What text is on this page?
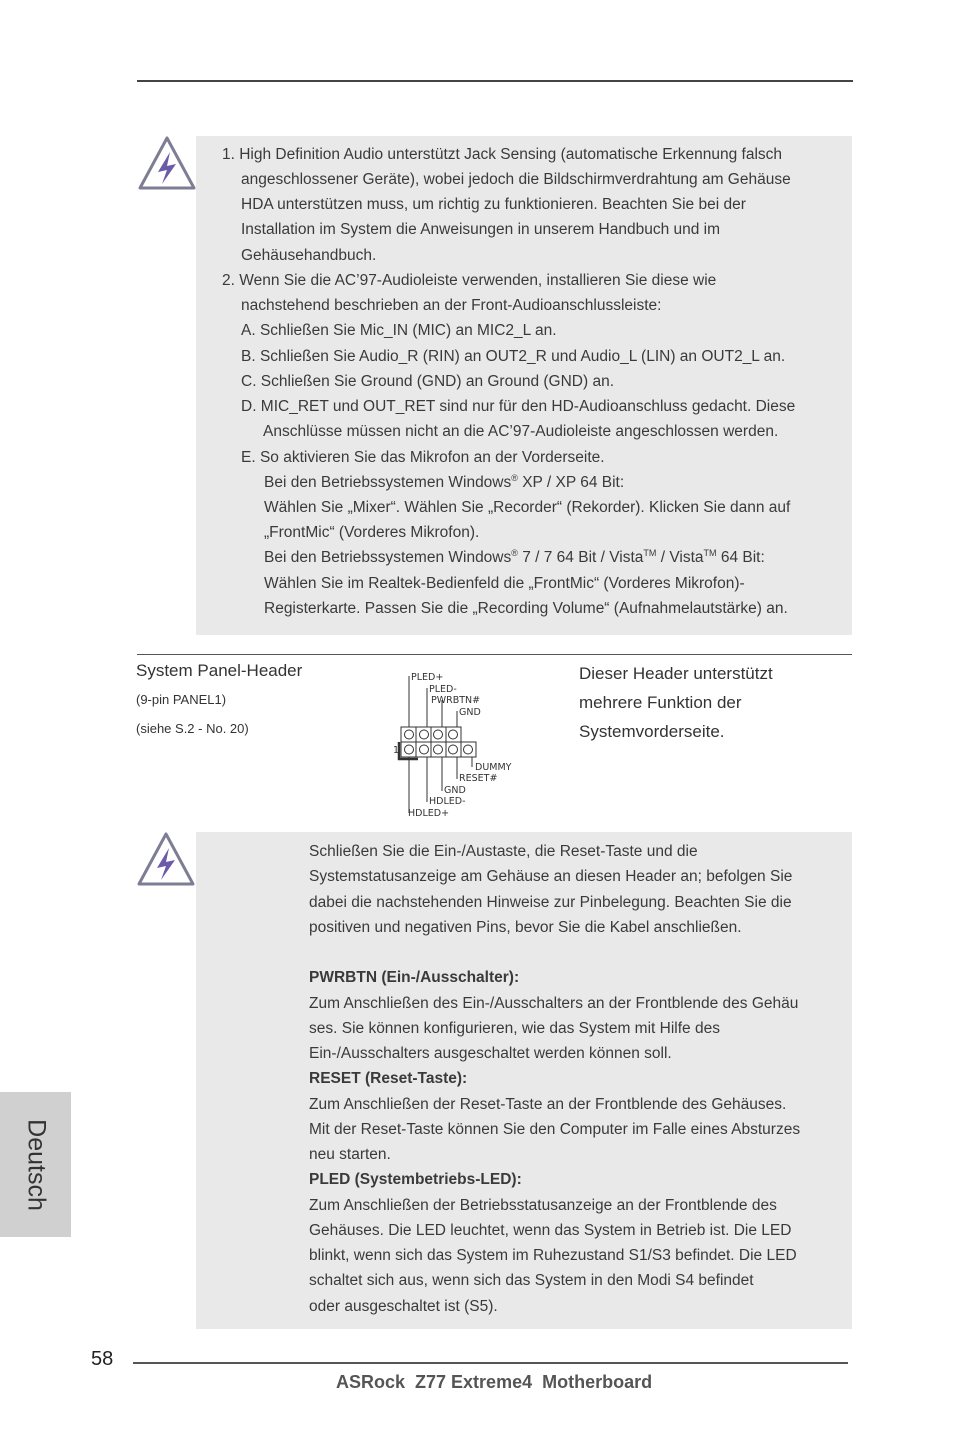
1. High Definition Audio unterstützt Jack Sensing (automatische Erkennung falsch
angeschlossener Geräte), wobei jedoch die Bildschirmverdrahtung am Gehäuse
HDA unterstützen muss, um richtig zu funktionieren. Beachten Sie bei der
Installation im System die Anweisungen in unserem Handbuch und im
Gehäusehandbuch.
2. Wenn Sie die AC’97-Audioleiste verwenden, installieren Sie diese wie
nachstehend beschrieben an der Front-Audioanschlussleiste:
A. Schließen Sie Mic_IN (MIC) an MIC2_L an.
B. Schließen Sie Audio_R (RIN) an OUT2_R und Audio_L (LIN) an OUT2_L an.
C. Schließen Sie Ground (GND) an Ground (GND) an.
D. MIC_RET und OUT_RET sind nur für den HD-Audioanschluss gedacht. Diese
Anschlüsse müssen nicht an die AC’97-Audioleiste angeschlossen werden.
E. So aktivieren Sie das Mikrofon an der Vorderseite.
Bei den Betriebssystemen Windows® XP / XP 64 Bit:
Wählen Sie „Mixer“. Wählen Sie „Recorder“ (Rekorder). Klicken Sie dann auf
„FrontMic“ (Vorderes Mikrofon).
Bei den Betriebssystemen Windows® 7 / 7 64 Bit / Vista™ / Vista™ 64 Bit:
Wählen Sie im Realtek-Bedienfeld die „FrontMic“ (Vorderes Mikrofon)-
Registerkarte. Passen Sie die „Recording Volume“ (Aufnahmelautstärke) an.
System Panel-Header
(9-pin PANEL1)
(siehe S.2 - No. 20)
Dieser Header unterstützt
mehrere Funktion der
Systemvorderseite.
PLED+
PLED-
PWRBTN#
GND
DUMMY
RESET#
GND
HDLED-
HDLED+
1
Schließen Sie die Ein-/Austaste, die Reset-Taste und die
Systemstatusanzeige am Gehäuse an diesen Header an; befolgen Sie
dabei die nachstehenden Hinweise zur Pinbelegung. Beachten Sie die
positiven und negativen Pins, bevor Sie die Kabel anschließen.
PWRBTN (Ein-/Ausschalter):
Zum Anschließen des Ein-/Ausschalters an der Frontblende des Gehäu
ses. Sie können konfigurieren, wie das System mit Hilfe des
Ein-/Ausschalters ausgeschaltet werden können soll.
RESET (Reset-Taste):
Zum Anschließen der Reset-Taste an der Frontblende des Gehäuses.
Mit der Reset-Taste können Sie den Computer im Falle eines Absturzes
neu starten.
PLED (Systembetriebs-LED):
Zum Anschließen der Betriebsstatusanzeige an der Frontblende des
Gehäuses. Die LED leuchtet, wenn das System in Betrieb ist. Die LED
blinkt, wenn sich das System im Ruhezustand S1/S3 befindet. Die LED
schaltet sich aus, wenn sich das System in den Modi S4 befindet
oder ausgeschaltet ist (S5).
Deutsch
58
ASRock  Z77 Extreme4  Motherboard
